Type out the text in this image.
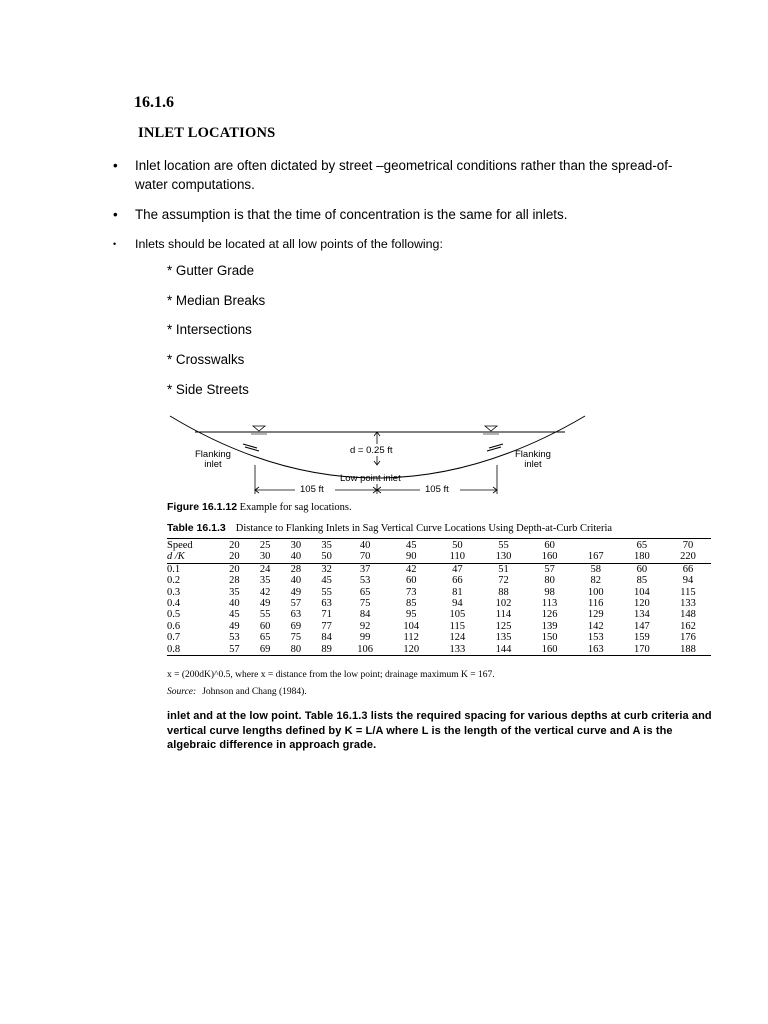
16.1.6
INLET LOCATIONS
• Inlet location are often dictated by street –geometrical conditions rather than the spread-of-water computations.
• The assumption is that the time of concentration is the same for all inlets.
• Inlets should be located at all low points of the following:
* Gutter Grade
* Median Breaks
* Intersections
* Crosswalks
* Side Streets
Flanking
inlet
Flanking
inlet
d = 0.25 ft
Low point inlet
105 ft	105 ft
Figure 16.1.12 Example for sag locations.
Table 16.1.3 Distance to Flanking Inlets in Sag Vertical Curve Locations Using Depth-at-Curb Criteria
Speed	20	25	30	35	40	45	50	55	60		65	70
d /K	20	30	40	50	70	90	110	130	160	167	180	220
0.1	20	24	28	32	37	42	47	51	57	58	60	66
0.2	28	35	40	45	53	60	66	72	80	82	85	94
0.3	35	42	49	55	65	73	81	88	98	100	104	115
0.4	40	49	57	63	75	85	94	102	113	116	120	133
0.5	45	55	63	71	84	95	105	114	126	129	134	148
0.6	49	60	69	77	92	104	115	125	139	142	147	162
0.7	53	65	75	84	99	112	124	135	150	153	159	176
0.8	57	69	80	89	106	120	133	144	160	163	170	188
x = (200dK)^0.5, where x = distance from the low point; drainage maximum K = 167.
Source: Johnson and Chang (1984).
inlet and at the low point. Table 16.1.3 lists the required spacing for various depths at curb criteria and vertical curve lengths defined by K = L/A where L is the length of the vertical curve and A is the algebraic difference in approach grade.
